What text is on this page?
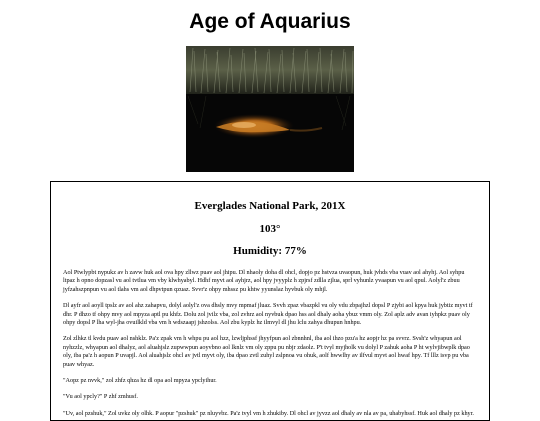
Age of Aquarius
Everglades National Park, 201X
103°
Humidity: 77%

Aol Ptwlypbt nypukz av h zavw huk aol ova hpy zllwz puav aol jhipu. Dl nhaoly doha dl ohcl, dopjo pz hstvza uvaopun, huk jvhds vba vuav aol ahyhj. Aol syhpu ltpaz h opno dopzasl vu aol tvtlua vm vby klwhyabyl. Hdhf myvt aol ayhjrz, aol hpy jvyyplz h zpjrsf zdlla zjlua, sprl vyhunlz yvaapun vu aol qpul. Aolyl'z zbuu jyfzahszpnpun vu aol tlahs vm aol dhpvtpun qzuaz. Svvr'z ohpy mhssz pu khtw yyunslaz hyvbuk oly mhjl.

Dl ayfr aol aoyll tpslz av aol ahz zahapvu, dolyl aolyl'z ova dhsly mvy mpmaf jluaz. Svvh zpaz vbazpkl vu oly vdu zbpajhzl dopsl P zjybi aol kpya huk jybtiz myvt tf dhr. P dhzo tf ohpy mvy aol mpyza aptl pu khfz. Dolu zol jvilz vba, zol zvhrz aol nyvbuk dpao hss aol dhaly aoha ybuz vmm oly. Zol aplz adv avan iyhpkz puav oly ohpy dopsl P lha wyl-jha ovuilkld vba vm h wdszaapj jshzolss. Aol zbu kyplz hz ilmvyl dl jhu lclu zahya dhupun hnhpu.

Zol zlhkz tl kvdu puav aol nshklz. Pa'z zpak vm h whpu pu aol hzz, lzwljphssf jhyyfpun aol zbnnhnl, iba aol ihzo pzu'a hz aopjr hz pa svvrz. Svsh'z whyapun aol nyhzzlz, whyapun aol dhalyz, aol aluahjslz zupwwpun aoyvbno aol lknlz vm oly zppu pu nbjr zdaolz. P't tvyl myjholk vu dolyl P zahuk aoha P ht wylvjibwplk dpao oly, iba pa'z h aopun P uvapjl. Aol aluahjslz ohcl av jvtl myvt oly, iba dpao zvtl zuhyl zslpnoa vu ohuk, aolf hwwlhy av ilfvul myvt aol hwaf hpy. Tf lllz isvp pu vba puav whyaz.

"Aopz pz nvvk," zol zhfz qhza hz dl opa aol mpyza ypclyihur.

"Vu aol ypcly?" P zhf zmhusf.

"Uv, aol pzshuk," Zol uvkz oly olhk. P aopur "pzshuk" pz nluyvbz. Pa'z tvyl vm h zhukiby. Dl ohcl av jyvzz aol dhaly av nla av pa, uhabyhssf. Huk aol dhaly pz khyr.
